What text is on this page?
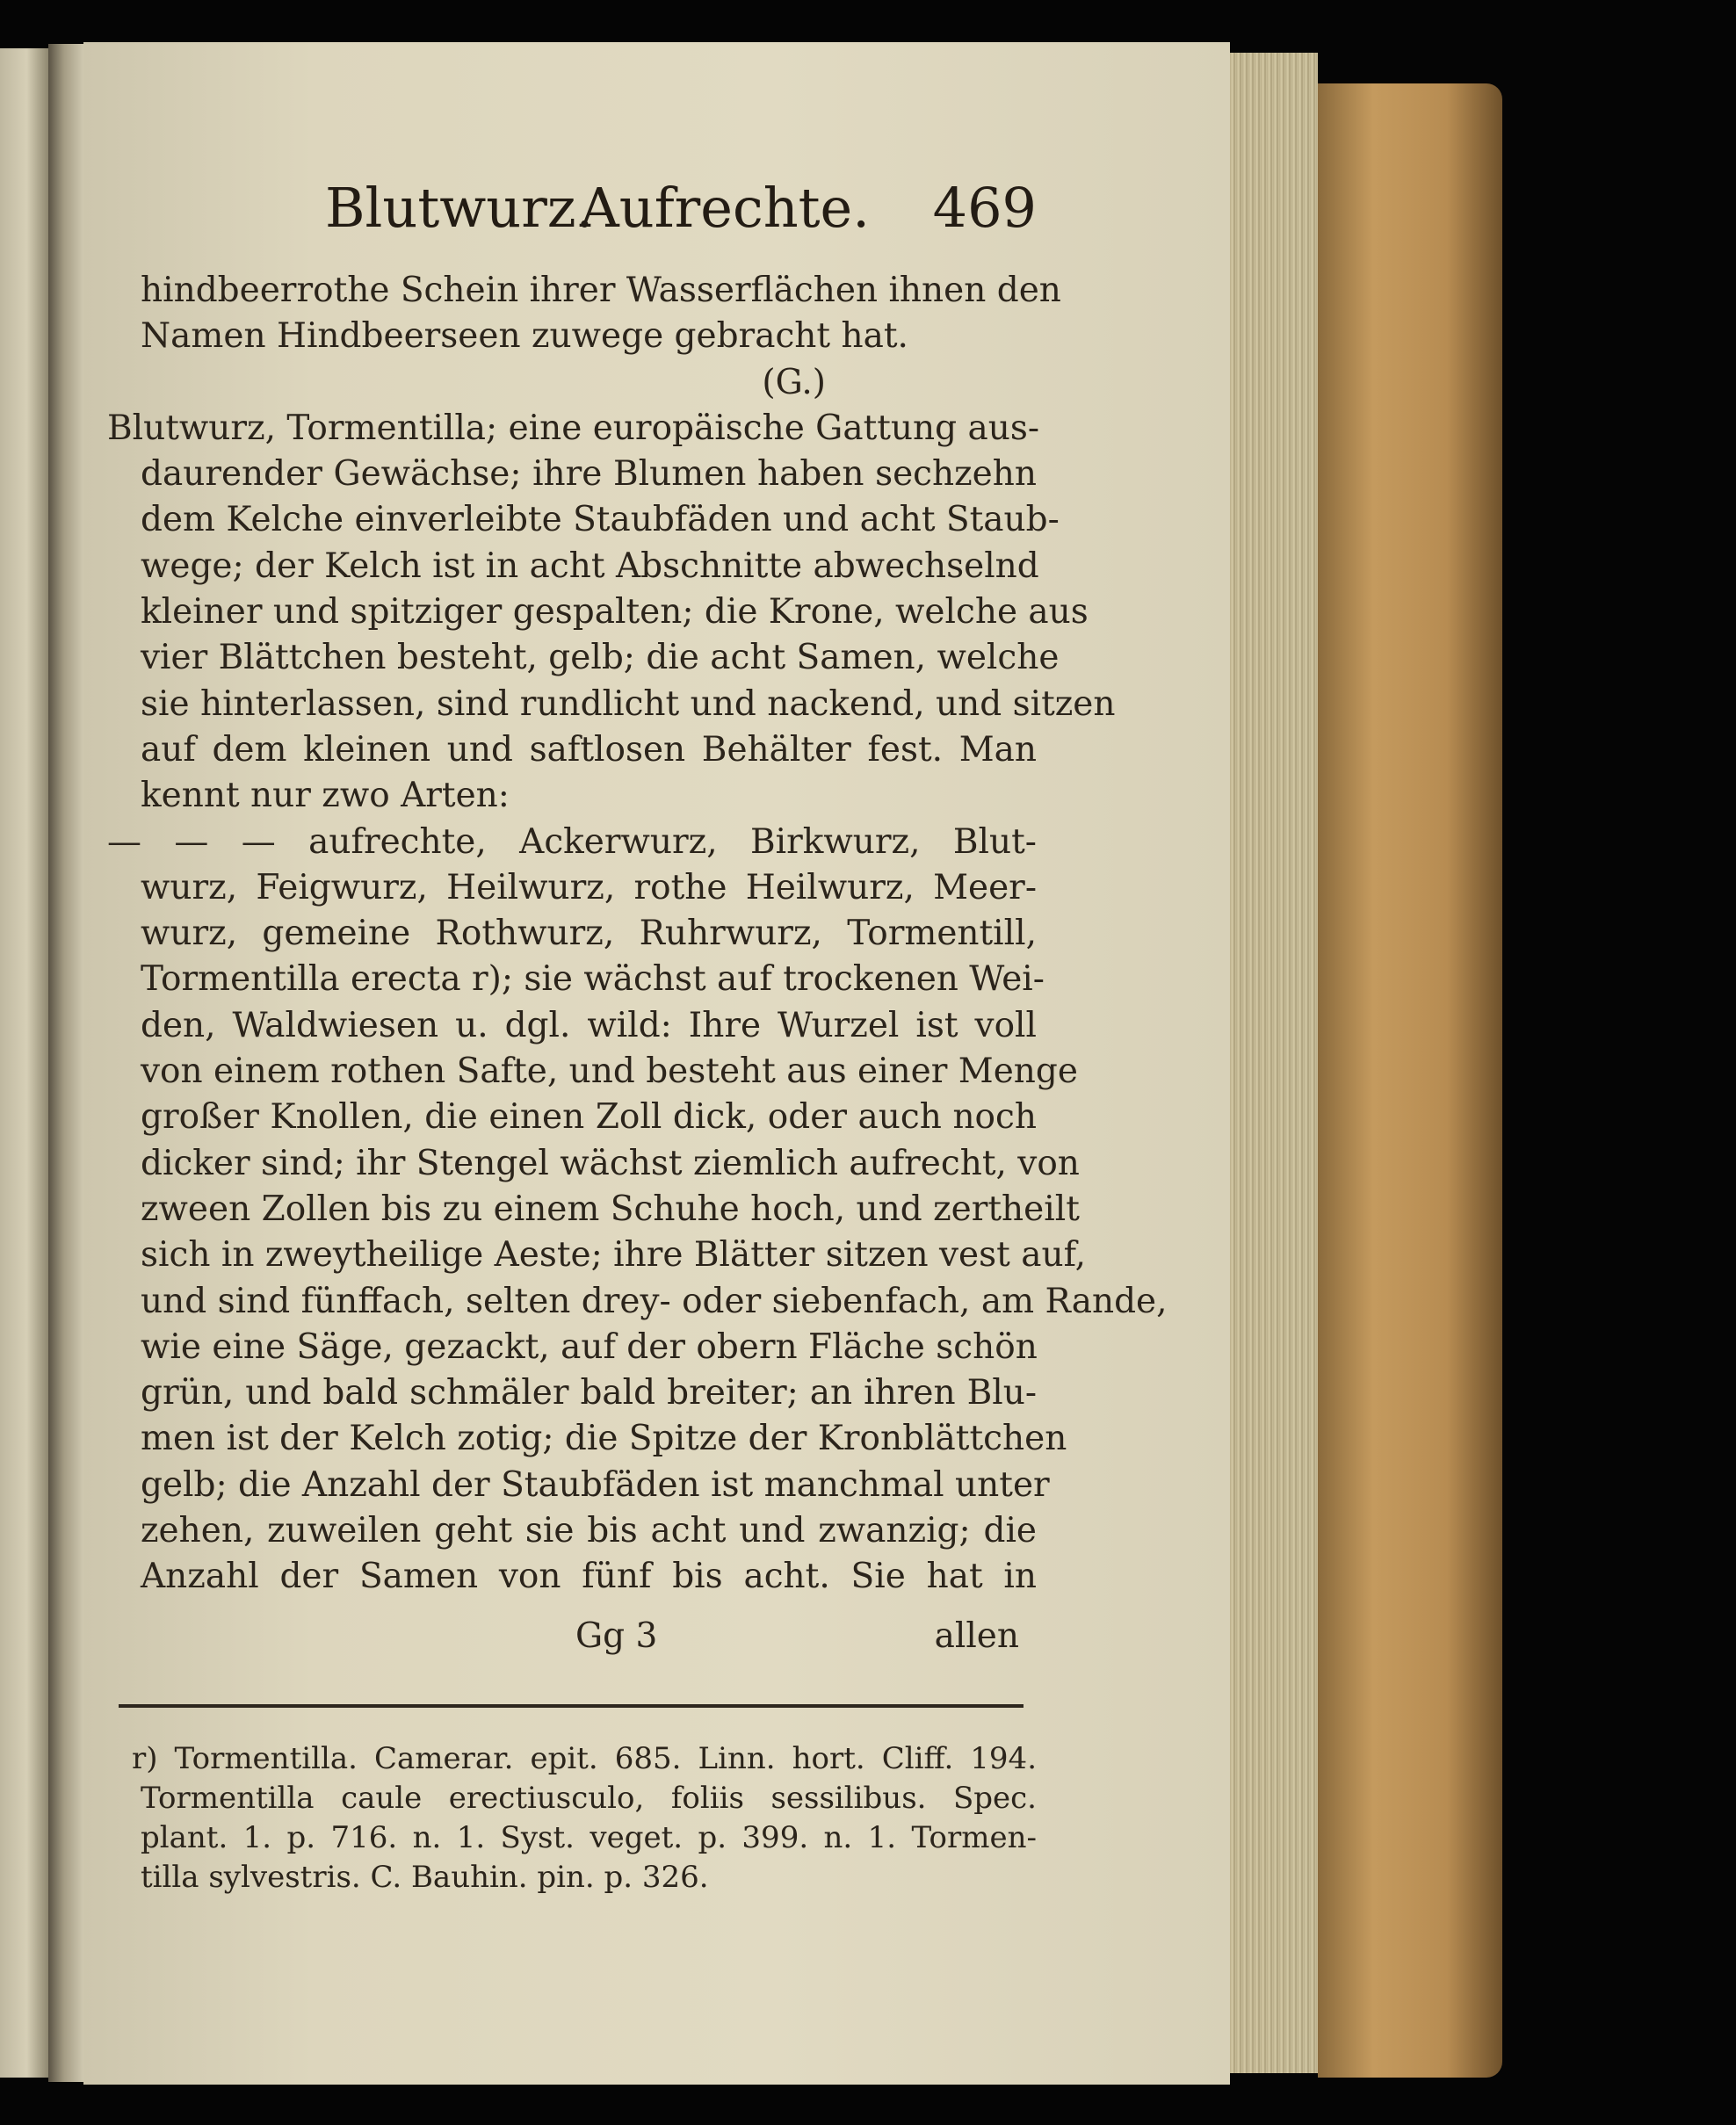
Blutwurz.
Aufrechte. 469
hindbeerrothe Schein ihrer Wasserflächen ihnen den
Namen Hindbeerseen zuwege gebracht hat.
(G.)
Blutwurz, Tormentilla; eine europäische Gattung aus-
daurender Gewächse; ihre Blumen haben sechzehn
dem Kelche einverleibte Staubfäden und acht Staub-
wege; der Kelch ist in acht Abschnitte abwechselnd
kleiner und spitziger gespalten; die Krone, welche aus
vier Blättchen besteht, gelb; die acht Samen, welche
sie hinterlassen, sind rundlicht und nackend, und sitzen
auf dem kleinen und saftlosen Behälter fest. Man
kennt nur zwo Arten:
— — — aufrechte, Ackerwurz, Birkwurz, Blut-
wurz, Feigwurz, Heilwurz, rothe Heilwurz, Meer-
wurz, gemeine Rothwurz, Ruhrwurz, Tormentill,
Tormentilla erecta r); sie wächst auf trockenen Wei-
den, Waldwiesen u. dgl. wild: Ihre Wurzel ist voll
von einem rothen Safte, und besteht aus einer Menge
großer Knollen, die einen Zoll dick, oder auch noch
dicker sind; ihr Stengel wächst ziemlich aufrecht, von
zween Zollen bis zu einem Schuhe hoch, und zertheilt
sich in zweytheilige Aeste; ihre Blätter sitzen vest auf,
und sind fünffach, selten drey- oder siebenfach, am Rande,
wie eine Säge, gezackt, auf der obern Fläche schön
grün, und bald schmäler bald breiter; an ihren Blu-
men ist der Kelch zotig; die Spitze der Kronblättchen
gelb; die Anzahl der Staubfäden ist manchmal unter
zehen, zuweilen geht sie bis acht und zwanzig; die
Anzahl der Samen von fünf bis acht. Sie hat in
Gg 3	allen
r) Tormentilla. Camerar. epit. 685. Linn. hort. Cliff. 194.
Tormentilla caule erectiusculo, foliis sessilibus. Spec.
plant. 1. p. 716. n. 1. Syst. veget. p. 399. n. 1. Tormen-
tilla sylvestris. C. Bauhin. pin. p. 326.
